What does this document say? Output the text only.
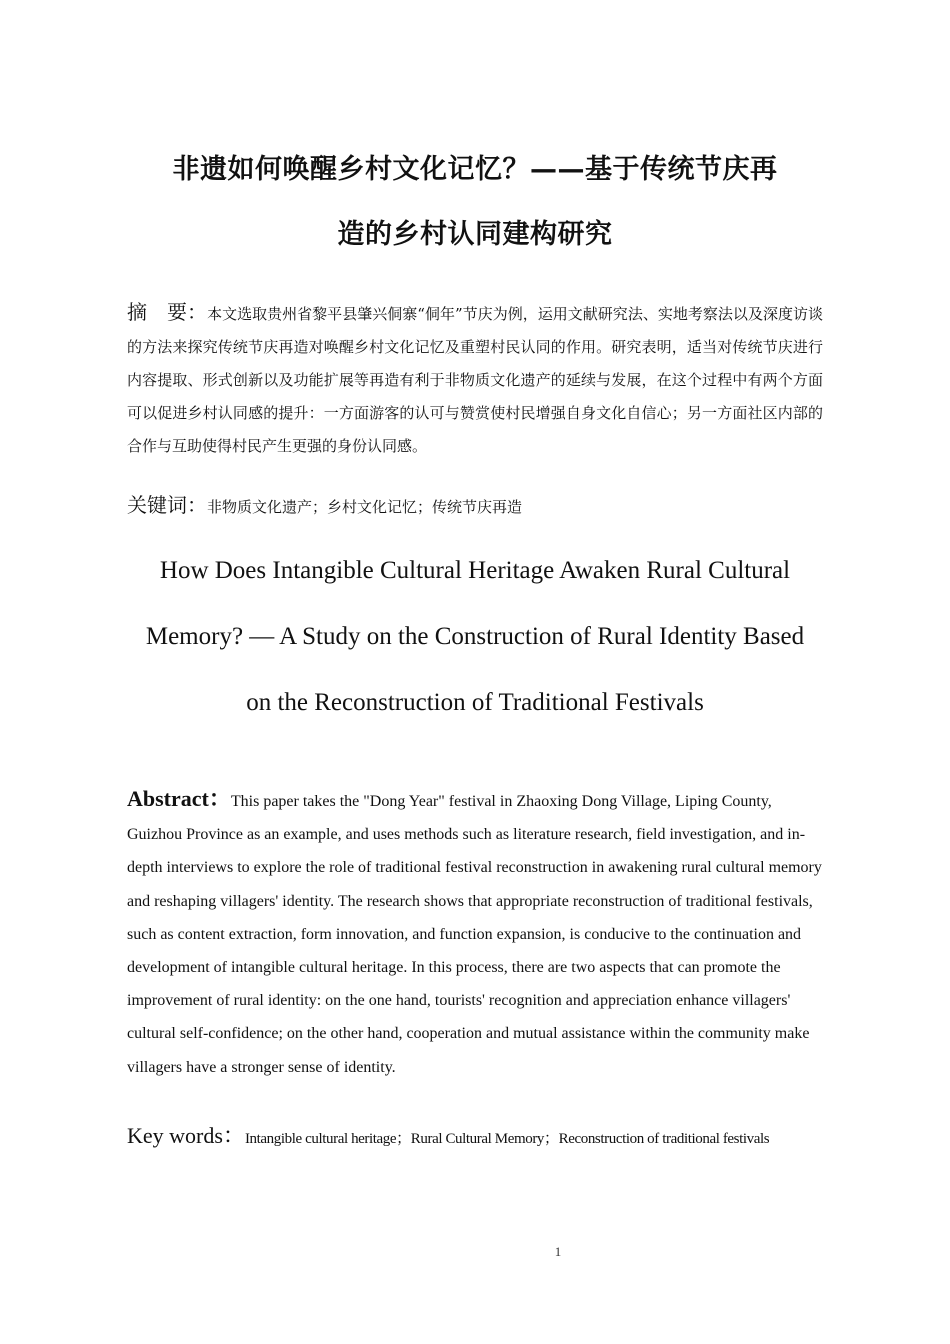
非遗如何唤醒乡村文化记忆？——基于传统节庆再
造的乡村认同建构研究
摘　要：本文选取贵州省黎平县肇兴侗寨“侗年”节庆为例，运用文献研究法、实地考察法以及深度访谈的方法来探究传统节庆再造对唤醒乡村文化记忆及重塑村民认同的作用。研究表明，适当对传统节庆进行内容提取、形式创新以及功能扩展等再造有利于非物质文化遗产的延续与发展，在这个过程中有两个方面可以促进乡村认同感的提升：一方面游客的认可与赞赏使村民增强自身文化自信心；另一方面社区内部的合作与互助使得村民产生更强的身份认同感。
关键词：非物质文化遗产；乡村文化记忆；传统节庆再造
How Does Intangible Cultural Heritage Awaken Rural Cultural
Memory? — A Study on the Construction of Rural Identity Based
on the Reconstruction of Traditional Festivals
Abstract：This paper takes the "Dong Year" festival in Zhaoxing Dong Village, Liping County, Guizhou Province as an example, and uses methods such as literature research, field investigation, and in-depth interviews to explore the role of traditional festival reconstruction in awakening rural cultural memory and reshaping villagers' identity. The research shows that appropriate reconstruction of traditional festivals, such as content extraction, form innovation, and function expansion, is conducive to the continuation and development of intangible cultural heritage. In this process, there are two aspects that can promote the improvement of rural identity: on the one hand, tourists' recognition and appreciation enhance villagers' cultural self-confidence; on the other hand, cooperation and mutual assistance within the community make villagers have a stronger sense of identity.
Key words：Intangible cultural heritage；Rural Cultural Memory；Reconstruction of traditional festivals
1
